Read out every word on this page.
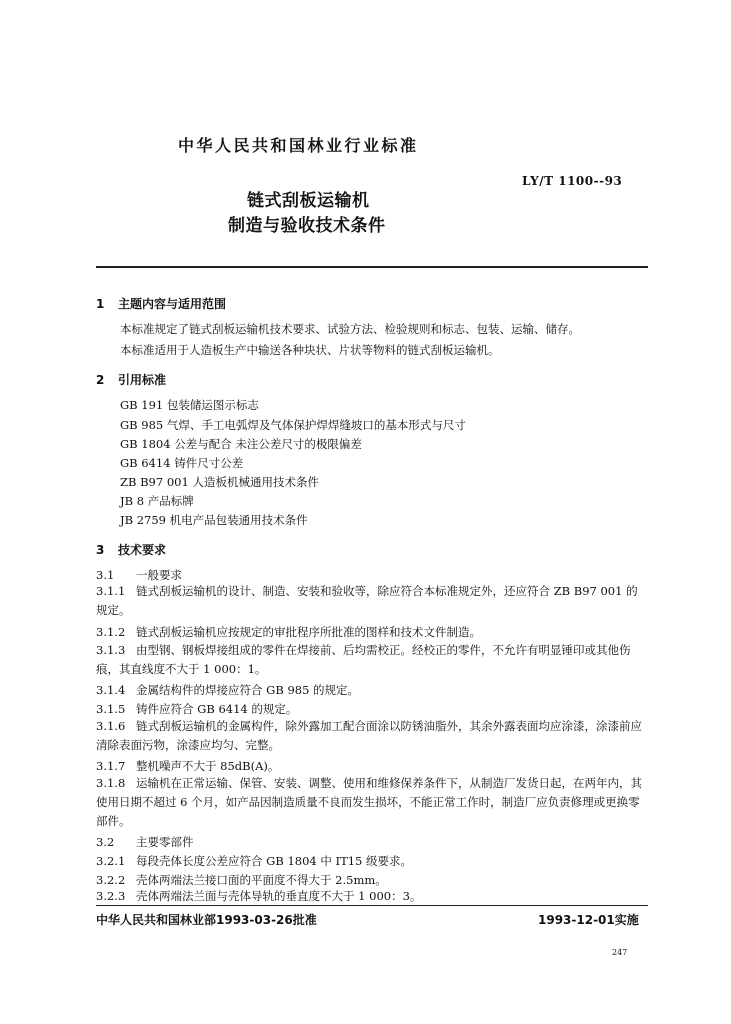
中华人民共和国林业行业标准
LY/T 1100--93
链式刮板运输机
制造与验收技术条件
1 主题内容与适用范围
本标准规定了链式刮板运输机技术要求、试验方法、检验规则和标志、包装、运输、储存。
本标准适用于人造板生产中输送各种块状、片状等物料的链式刮板运输机。
2 引用标准
GB 191 包装储运图示标志
GB 985 气焊、手工电弧焊及气体保护焊焊缝坡口的基本形式与尺寸
GB 1804 公差与配合 未注公差尺寸的极限偏差
GB 6414 铸件尺寸公差
ZB B97 001 人造板机械通用技术条件
JB 8 产品标牌
JB 2759 机电产品包装通用技术条件
3 技术要求
3.1 一般要求
3.1.1 链式刮板运输机的设计、制造、安装和验收等，除应符合本标准规定外，还应符合 ZB B97 001 的规定。
3.1.2 链式刮板运输机应按规定的审批程序所批准的图样和技术文件制造。
3.1.3 由型钢、钢板焊接组成的零件在焊接前、后均需校正。经校正的零件，不允许有明显锤印或其他伤痕，其直线度不大于 1 000：1。
3.1.4 金属结构件的焊接应符合 GB 985 的规定。
3.1.5 铸件应符合 GB 6414 的规定。
3.1.6 链式刮板运输机的金属构件，除外露加工配合面涂以防锈油脂外，其余外露表面均应涂漆，涂漆前应清除表面污物，涂漆应均匀、完整。
3.1.7 整机噪声不大于 85dB(A)。
3.1.8 运输机在正常运输、保管、安装、调整、使用和维修保养条件下，从制造厂发货日起，在两年内，其使用日期不超过 6 个月，如产品因制造质量不良而发生损坏，不能正常工作时，制造厂应负责修理或更换零部件。
3.2 主要零部件
3.2.1 每段壳体长度公差应符合 GB 1804 中 IT15 级要求。
3.2.2 壳体两端法兰接口面的平面度不得大于 2.5mm。
3.2.3 壳体两端法兰面与壳体导轨的垂直度不大于 1 000：3。
中华人民共和国林业部1993-03-26批准	1993-12-01实施
247
